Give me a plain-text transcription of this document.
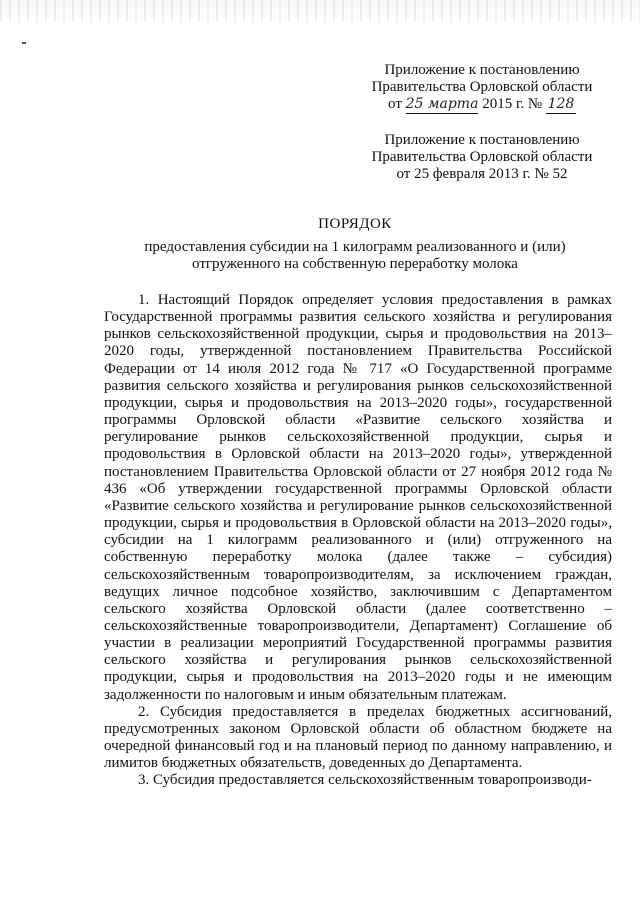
Приложение к постановлению
Правительства Орловской области
от 25 марта 2015 г. № 128
Приложение к постановлению
Правительства Орловской области
от 25 февраля 2013 г. № 52
ПОРЯДОК
предоставления субсидии на 1 килограмм реализованного и (или)
отгруженного на собственную переработку молока

1. Настоящий Порядок определяет условия предоставления в рамках Государственной программы развития сельского хозяйства и регулирования рынков сельскохозяйственной продукции, сырья и продовольствия на 2013–2020 годы, утвержденной постановлением Правительства Российской Федерации от 14 июля 2012 года № 717 «О Государственной программе развития сельского хозяйства и регулирования рынков сельскохозяйственной продукции, сырья и продовольствия на 2013–2020 годы», государственной программы Орловской области «Развитие сельского хозяйства и регулирование рынков сельскохозяйственной продукции, сырья и продовольствия в Орловской области на 2013–2020 годы», утвержденной постановлением Правительства Орловской области от 27 ноября 2012 года № 436 «Об утверждении государственной программы Орловской области «Развитие сельского хозяйства и регулирование рынков сельскохозяйственной продукции, сырья и продовольствия в Орловской области на 2013–2020 годы», субсидии на 1 килограмм реализованного и (или) отгруженного на собственную переработку молока (далее также – субсидия) сельскохозяйственным товаропроизводителям, за исключением граждан, ведущих личное подсобное хозяйство, заключившим с Департаментом сельского хозяйства Орловской области (далее соответственно – сельскохозяйственные товаропроизводители, Департамент) Соглашение об участии в реализации мероприятий Государственной программы развития сельского хозяйства и регулирования рынков сельскохозяйственной продукции, сырья и продовольствия на 2013–2020 годы и не имеющим задолженности по налоговым и иным обязательным платежам.

2. Субсидия предоставляется в пределах бюджетных ассигнований, предусмотренных законом Орловской области об областном бюджете на очередной финансовый год и на плановый период по данному направлению, и лимитов бюджетных обязательств, доведенных до Департамента.

3. Субсидия предоставляется сельскохозяйственным товаропроизводи-
